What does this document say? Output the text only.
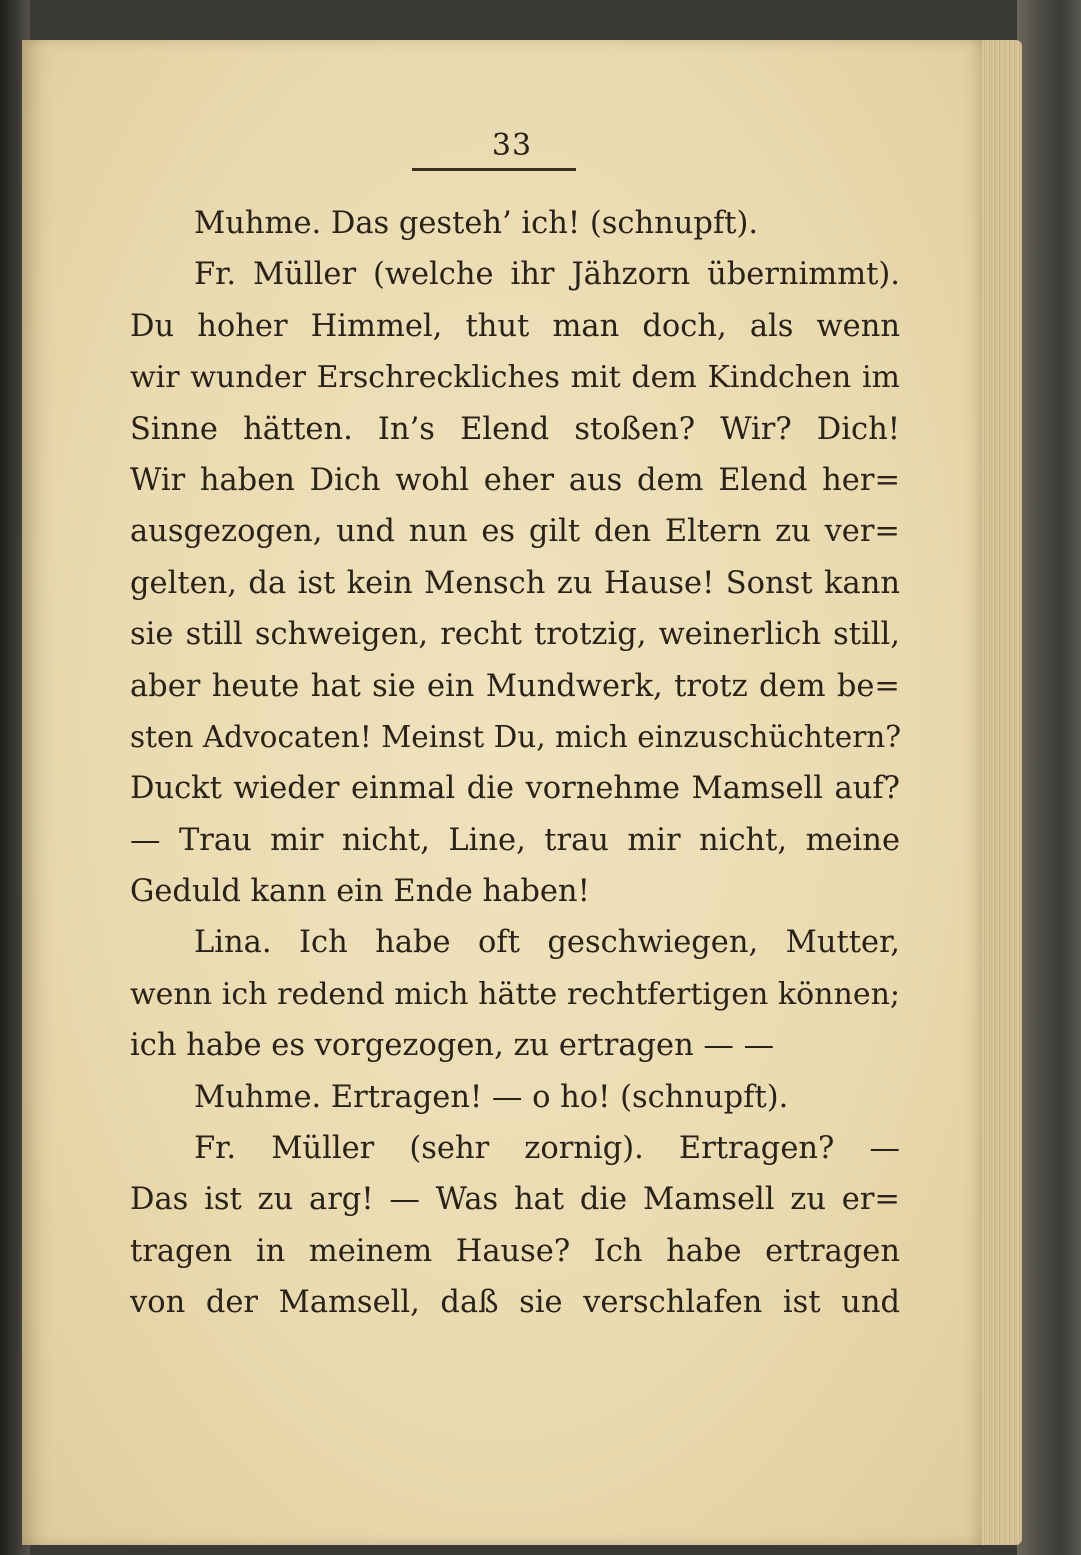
33
Muhme. Das gesteh’ ich! (schnupft).
Fr. Müller (welche ihr Jähzorn übernimmt).
Du hoher Himmel, thut man doch, als wenn
wir wunder Erschreckliches mit dem Kindchen im
Sinne hätten. In’s Elend stoßen? Wir? Dich!
Wir haben Dich wohl eher aus dem Elend her=
ausgezogen, und nun es gilt den Eltern zu ver=
gelten, da ist kein Mensch zu Hause! Sonst kann
sie still schweigen, recht trotzig, weinerlich still,
aber heute hat sie ein Mundwerk, trotz dem be=
sten Advocaten! Meinst Du, mich einzuschüchtern?
Duckt wieder einmal die vornehme Mamsell auf?
— Trau mir nicht, Line, trau mir nicht, meine
Geduld kann ein Ende haben!
Lina. Ich habe oft geschwiegen, Mutter,
wenn ich redend mich hätte rechtfertigen können;
ich habe es vorgezogen, zu ertragen — —
Muhme. Ertragen! — o ho! (schnupft).
Fr. Müller (sehr zornig). Ertragen? —
Das ist zu arg! — Was hat die Mamsell zu er=
tragen in meinem Hause? Ich habe ertragen
von der Mamsell, daß sie verschlafen ist und
